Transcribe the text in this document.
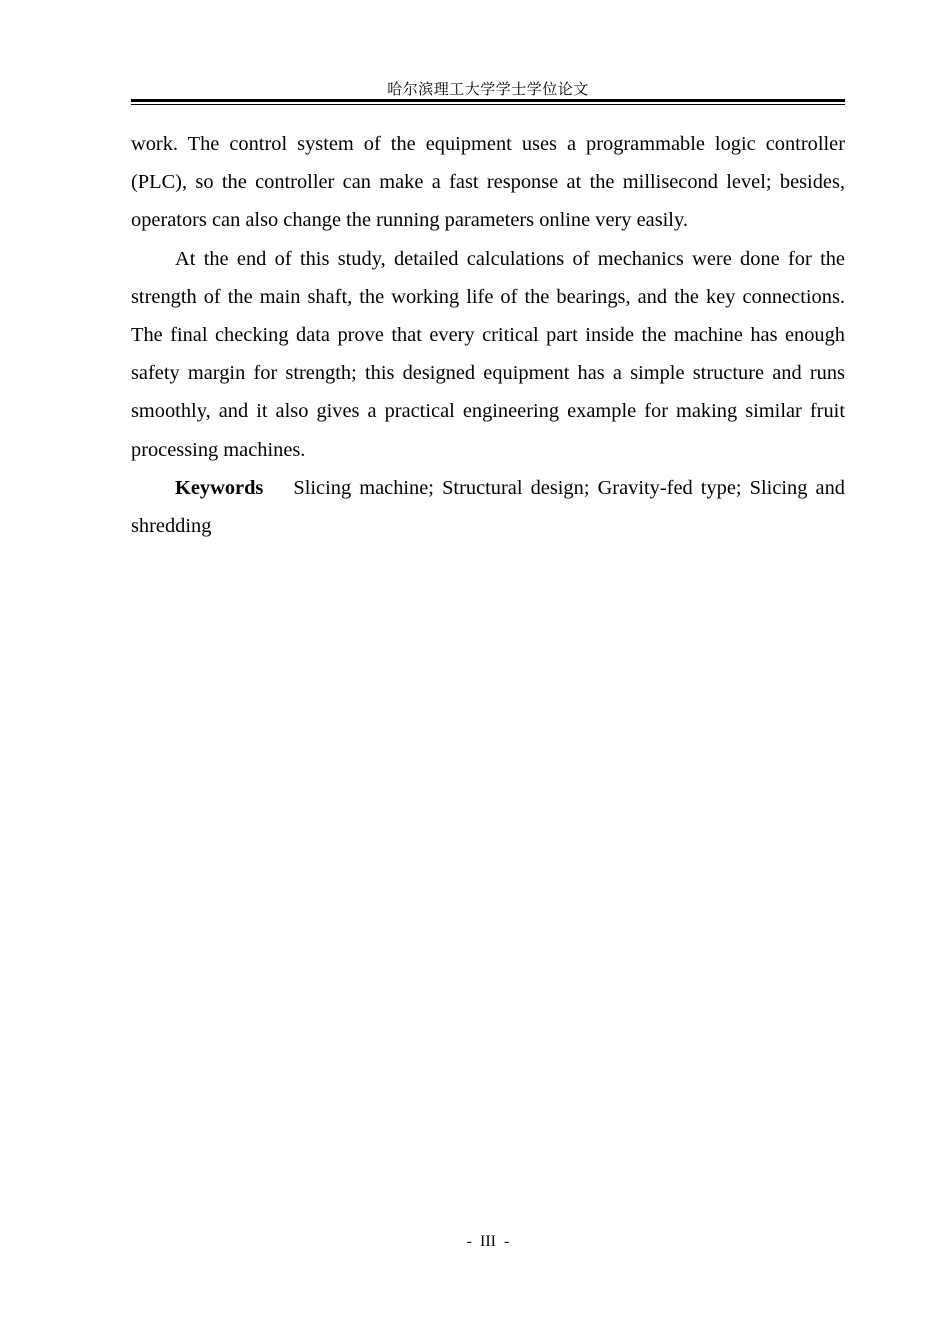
哈尔滨理工大学学士学位论文

work. The control system of the equipment uses a programmable logic controller (PLC), so the controller can make a fast response at the millisecond level; besides, operators can also change the running parameters online very easily.

At the end of this study, detailed calculations of mechanics were done for the strength of the main shaft, the working life of the bearings, and the key connections. The final checking data prove that every critical part inside the machine has enough safety margin for strength; this designed equipment has a simple structure and runs smoothly, and it also gives a practical engineering example for making similar fruit processing machines.

Keywords Slicing machine; Structural design; Gravity-fed type; Slicing and shredding

- III -
